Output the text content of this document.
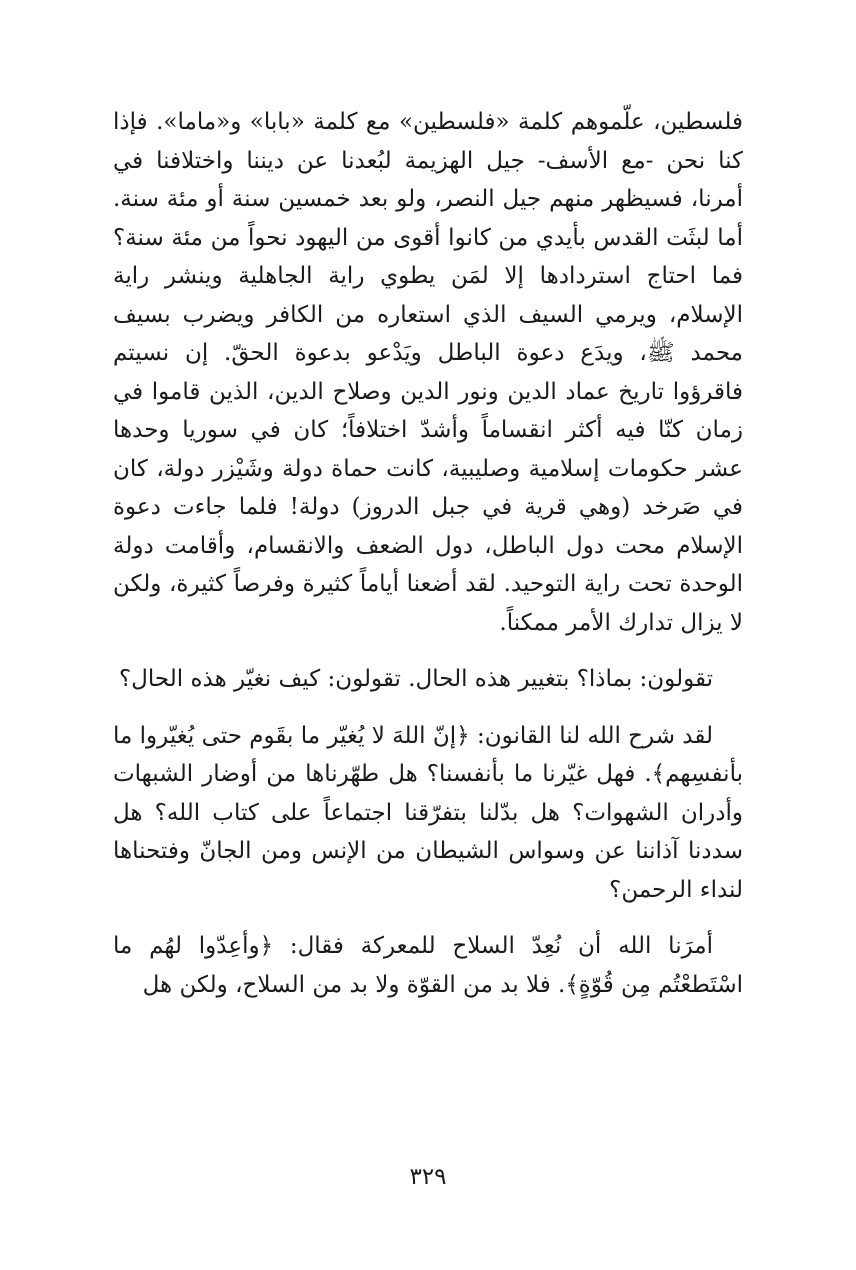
فلسطين، علّموهم كلمة «فلسطين» مع كلمة «بابا» و«ماما». فإذا كنا نحن -مع الأسف- جيل الهزيمة لبُعدنا عن ديننا واختلافنا في أمرنا، فسيظهر منهم جيل النصر، ولو بعد خمسين سنة أو مئة سنة. أما لبثَت القدس بأيدي من كانوا أقوى من اليهود نحواً من مئة سنة؟ فما احتاج استردادها إلا لمَن يطوي راية الجاهلية وينشر راية الإسلام، ويرمي السيف الذي استعاره من الكافر ويضرب بسيف محمد ﷺ، ويدَع دعوة الباطل ويَدْعو بدعوة الحقّ. إن نسيتم فاقرؤوا تاريخ عماد الدين ونور الدين وصلاح الدين، الذين قاموا في زمان كنّا فيه أكثر انقساماً وأشدّ اختلافاً؛ كان في سوريا وحدها عشر حكومات إسلامية وصليبية، كانت حماة دولة وشَيْزر دولة، كان في صَرخد (وهي قرية في جبل الدروز) دولة! فلما جاءت دعوة الإسلام محت دول الباطل، دول الضعف والانقسام، وأقامت دولة الوحدة تحت راية التوحيد. لقد أضعنا أياماً كثيرة وفرصاً كثيرة، ولكن لا يزال تدارك الأمر ممكناً.

تقولون: بماذا؟ بتغيير هذه الحال. تقولون: كيف نغيّر هذه الحال؟

لقد شرح الله لنا القانون: ﴿إنّ اللهَ لا يُغيّر ما بقَوم حتى يُغيّروا ما بأنفسِهم﴾. فهل غيّرنا ما بأنفسنا؟ هل طهّرناها من أوضار الشبهات وأدران الشهوات؟ هل بدّلنا بتفرّقنا اجتماعاً على كتاب الله؟ هل سددنا آذاننا عن وسواس الشيطان من الإنس ومن الجانّ وفتحناها لنداء الرحمن؟

أمرَنا الله أن نُعِدّ السلاح للمعركة فقال: ﴿وأعِدّوا لهُم ما اسْتَطعْتُم مِن قُوّةٍ﴾. فلا بد من القوّة ولا بد من السلاح، ولكن هل

٣٢٩
